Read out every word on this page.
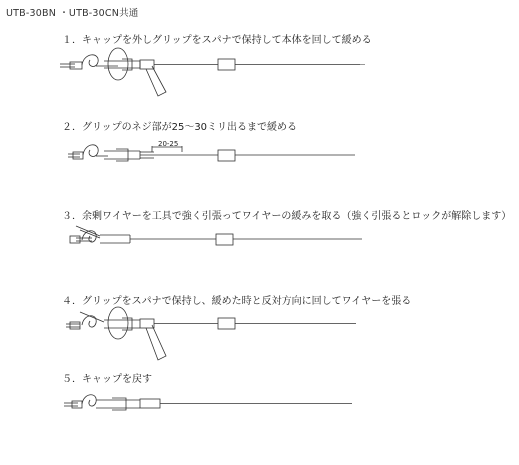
UTB-30BN ・UTB-30CN共通
１．キャップを外しグリップをスパナで保持して本体を回して緩める
２．グリップのネジ部が25～30ミリ出るまで緩める
３．余剰ワイヤーを工具で強く引張ってワイヤーの緩みを取る（強く引張るとロックが解除します）
４．グリップをスパナで保持し、緩めた時と反対方向に回してワイヤーを張る
５．キャップを戻す
20-25
